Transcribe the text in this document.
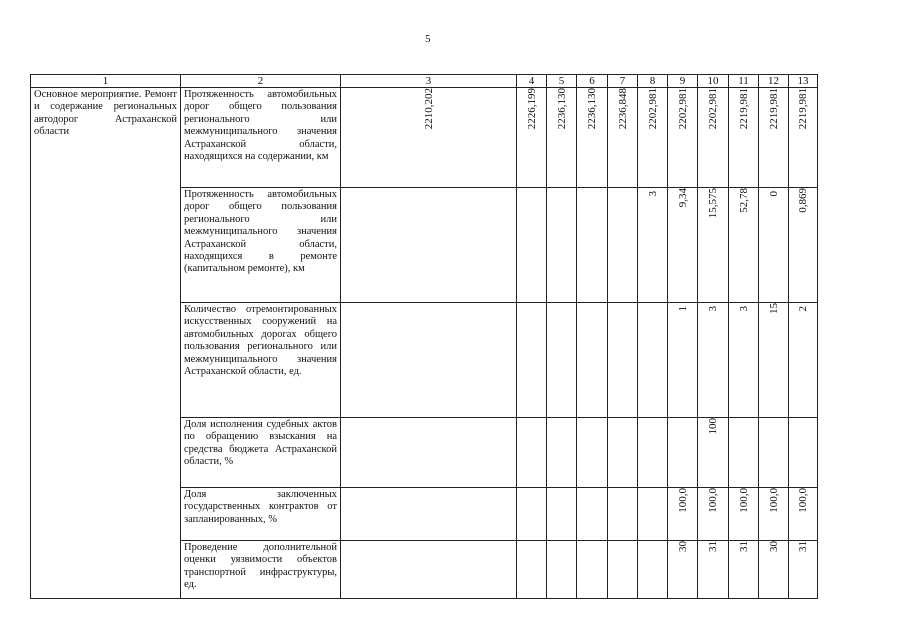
5
1	2	3	4	5	6	7	8	9	10	11	12	13

Основное мероприятие. Ремонт и содержание региональных автодорог Астраханской области	Протяженность автомобильных дорог общего пользования регионального или межмуниципального значения Астраханской области, находящихся на содержании, км	2210,202	2226,199	2236,130	2236,130	2236,848	2202,981	2202,981	2202,981	2219,981	2219,981	2219,981

	Протяженность автомобильных дорог общего пользования регионального или межмуниципального значения Астраханской области, находящихся в ремонте (капитальном ремонте), км						3	9,34	15,575	52,78	0	0,869

	Количество отремонтированных искусственных сооружений на автомобильных дорогах общего пользования регионального или межмуниципального значения Астраханской области, ед.							1	3	3	15	2

	Доля исполнения судебных актов по обращению взыскания на средства бюджета Астраханской области, %								100			

	Доля заключенных государственных контрактов от запланированных, %							100,0	100,0	100,0	100,0	100,0

	Проведение дополнительной оценки уязвимости объектов транспортной инфраструктуры, ед.							30	31	31	30	31
